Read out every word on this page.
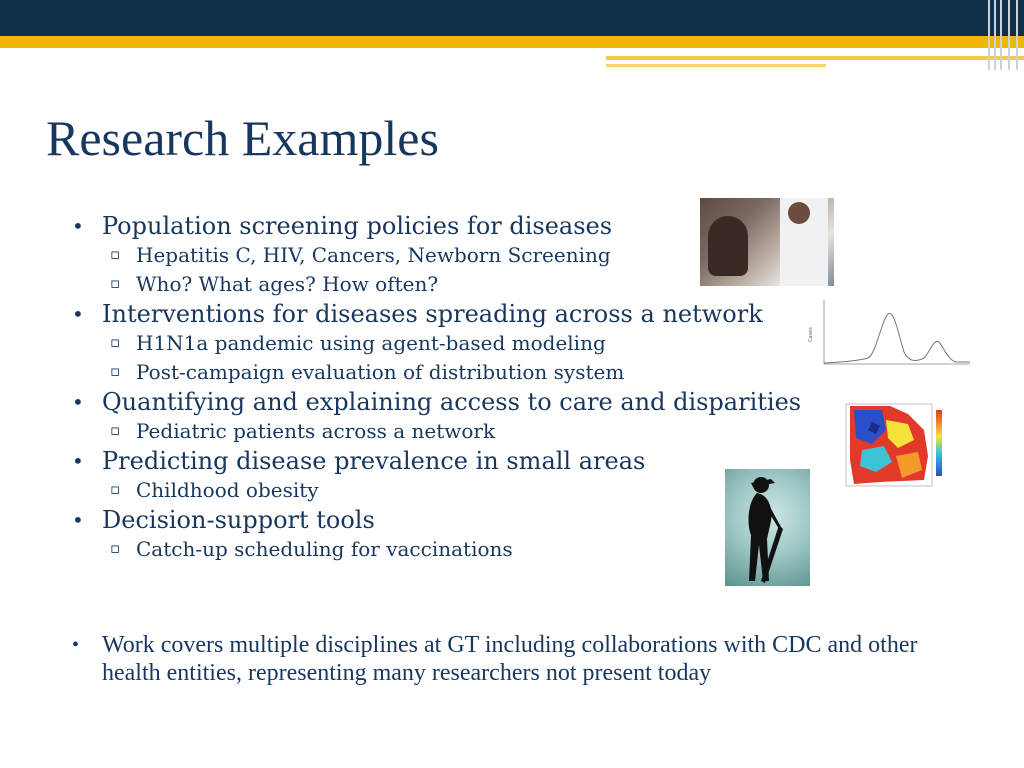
Research Examples
• Population screening policies for diseases
▫ Hepatitis C, HIV, Cancers, Newborn Screening
▫ Who? What ages? How often?
• Interventions for diseases spreading across a network
▫ H1N1a pandemic using agent-based modeling
▫ Post-campaign evaluation of distribution system
• Quantifying and explaining access to care and disparities
▫ Pediatric patients across a network
• Predicting disease prevalence in small areas
▫ Childhood obesity
• Decision-support tools
▫ Catch-up scheduling for vaccinations
• Work covers multiple disciplines at GT including collaborations with CDC and other health entities, representing many researchers not present today
Cases
